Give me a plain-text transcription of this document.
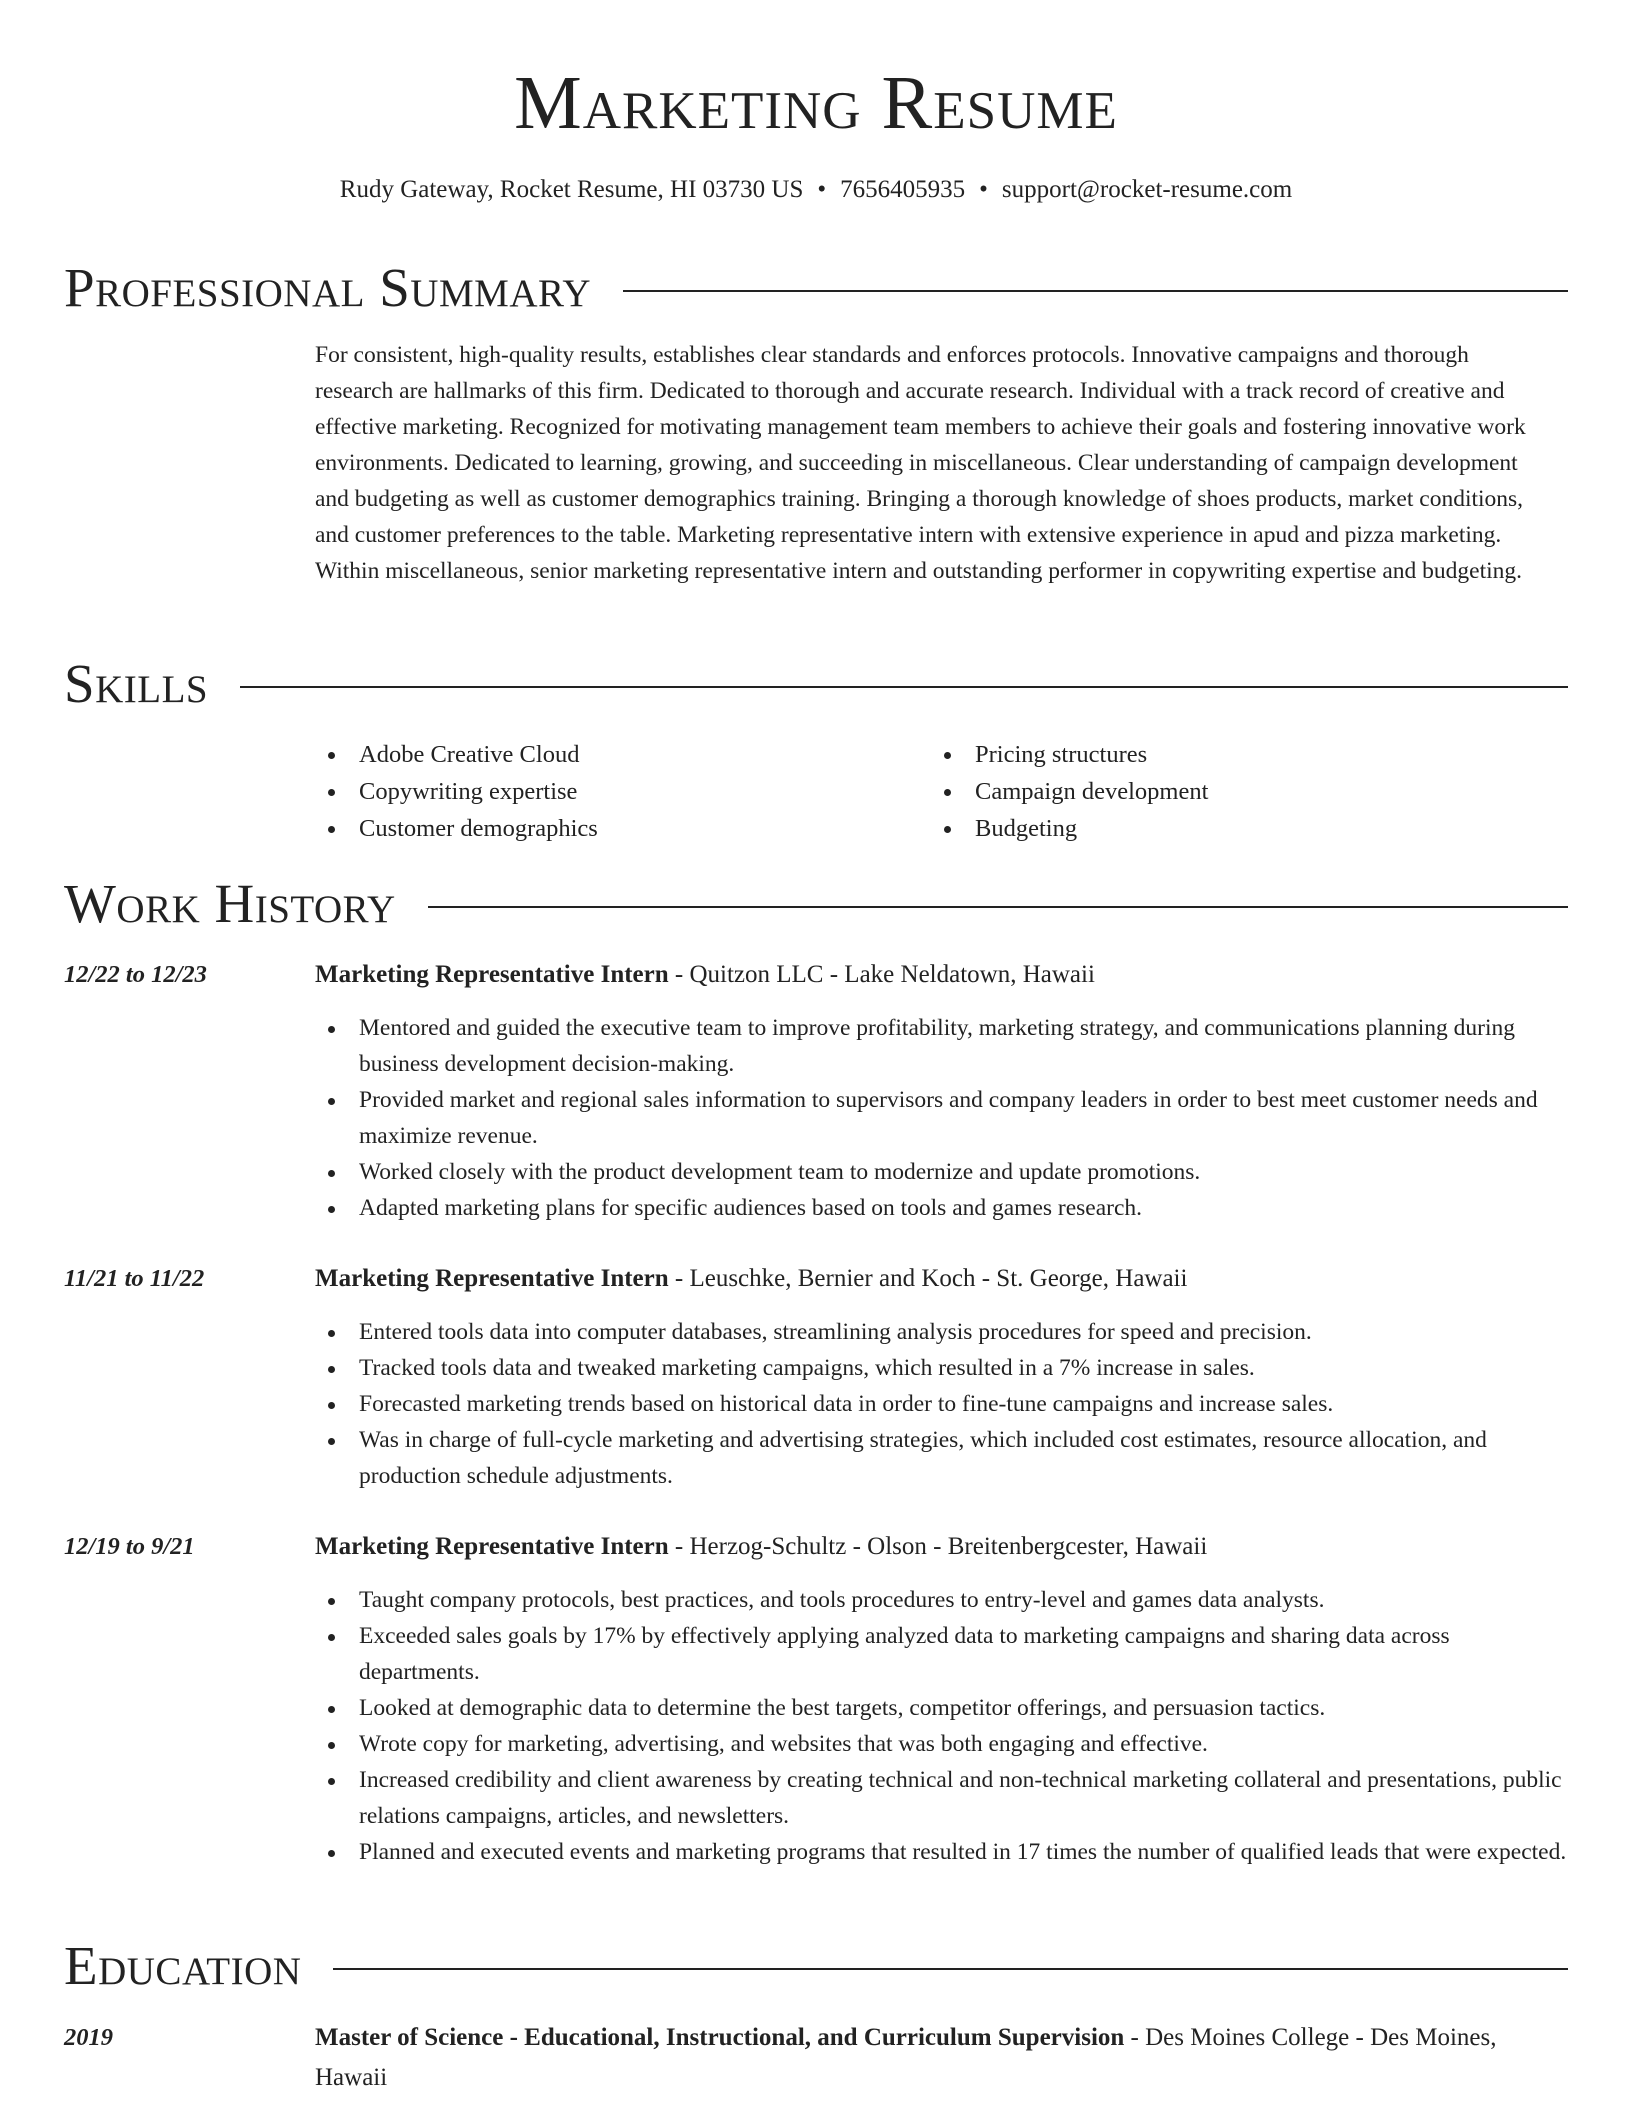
Marketing Resume
Rudy Gateway, Rocket Resume, HI 03730 US • 7656405935 • support@rocket-resume.com
Professional Summary

For consistent, high-quality results, establishes clear standards and enforces protocols. Innovative campaigns and thorough research are hallmarks of this firm. Dedicated to thorough and accurate research. Individual with a track record of creative and effective marketing. Recognized for motivating management team members to achieve their goals and fostering innovative work environments. Dedicated to learning, growing, and succeeding in miscellaneous. Clear understanding of campaign development and budgeting as well as customer demographics training. Bringing a thorough knowledge of shoes products, market conditions, and customer preferences to the table. Marketing representative intern with extensive experience in apud and pizza marketing. Within miscellaneous, senior marketing representative intern and outstanding performer in copywriting expertise and budgeting.

Skills
Adobe Creative Cloud
Copywriting expertise
Customer demographics
Pricing structures
Campaign development
Budgeting
Work History
12/22 to 12/23	Marketing Representative Intern - Quitzon LLC - Lake Neldatown, Hawaii
Mentored and guided the executive team to improve profitability, marketing strategy, and communications planning during business development decision-making.
Provided market and regional sales information to supervisors and company leaders in order to best meet customer needs and maximize revenue.
Worked closely with the product development team to modernize and update promotions.
Adapted marketing plans for specific audiences based on tools and games research.
11/21 to 11/22	Marketing Representative Intern - Leuschke, Bernier and Koch - St. George, Hawaii
Entered tools data into computer databases, streamlining analysis procedures for speed and precision.
Tracked tools data and tweaked marketing campaigns, which resulted in a 7% increase in sales.
Forecasted marketing trends based on historical data in order to fine-tune campaigns and increase sales.
Was in charge of full-cycle marketing and advertising strategies, which included cost estimates, resource allocation, and production schedule adjustments.
12/19 to 9/21	Marketing Representative Intern - Herzog-Schultz - Olson - Breitenbergcester, Hawaii
Taught company protocols, best practices, and tools procedures to entry-level and games data analysts.
Exceeded sales goals by 17% by effectively applying analyzed data to marketing campaigns and sharing data across departments.
Looked at demographic data to determine the best targets, competitor offerings, and persuasion tactics.
Wrote copy for marketing, advertising, and websites that was both engaging and effective.
Increased credibility and client awareness by creating technical and non-technical marketing collateral and presentations, public relations campaigns, articles, and newsletters.
Planned and executed events and marketing programs that resulted in 17 times the number of qualified leads that were expected.
Education
2019	Master of Science - Educational, Instructional, and Curriculum Supervision - Des Moines College - Des Moines, Hawaii
